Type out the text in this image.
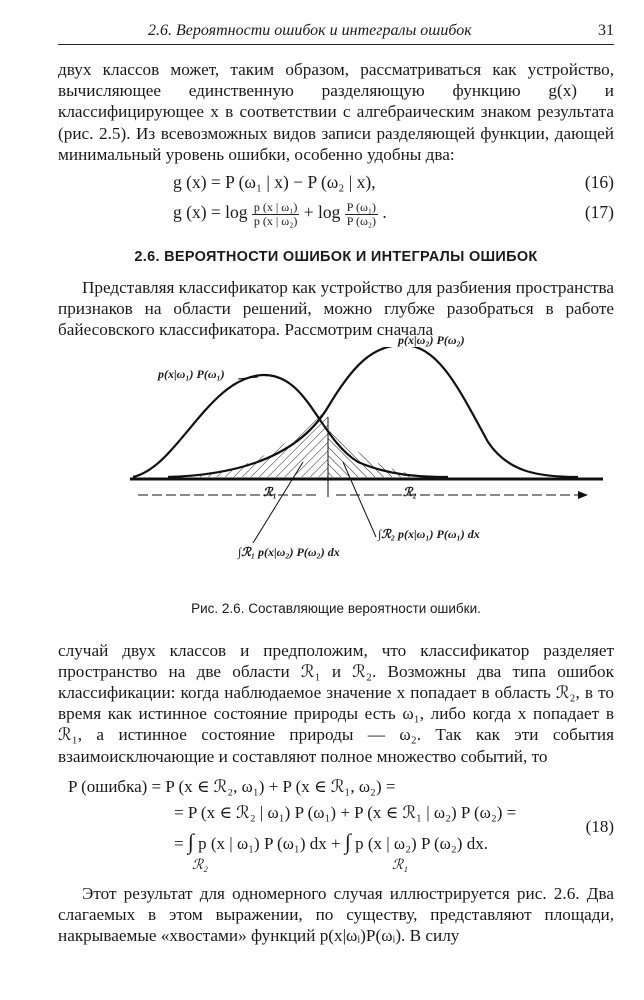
2.6. Вероятности ошибок и интегралы ошибок	31

двух классов может, таким образом, рассматриваться как устройство, вычисляющее единственную разделяющую функцию g(x) и классифицирующее x в соответствии с алгебраическим знаком результата (рис. 2.5). Из всевозможных видов записи разделяющей функции, дающей минимальный уровень ошибки, особенно удобны два:

g (x) = P (ω₁ | x) − P (ω₂ | x),	(16)
g $(x) = \log \frac{\text{p (x | ω₁)}}{\text{p (x | ω₂)}} + \log \frac{\text{P (ω₁)}}{\text{P (ω₂)}}$ .	(17)
2.6. ВЕРОЯТНОСТИ ОШИБОК И ИНТЕГРАЛЫ ОШИБОК

Представляя классификатор как устройство для разбиения пространства признаков на области решений, можно глубже разобраться в работе байесовского классификатора. Рассмотрим сначала

p(x|ω₁) P(ω₁)
p(x|ω₂) P(ω₂)
ℛ₁	ℛ₂
∫ℛ₁ p(x|ω₂) P(ω₂) dx
∫ℛ₂ p(x|ω₁) P(ω₁) dx
Рис. 2.6. Составляющие вероятности ошибки.

случай двух классов и предположим, что классификатор разделяет пространство на две области ℛ₁ и ℛ₂. Возможны два типа ошибок классификации: когда наблюдаемое значение x попадает в область ℛ₂, в то время как истинное состояние природы есть ω₁, либо когда x попадает в ℛ₁, а истинное состояние природы — ω₂. Так как эти события взаимоисключающие и составляют полное множество событий, то

P (ошибка) = P (x ∈ ℛ₂, ω₁) + P (x ∈ ℛ₁, ω₂) =
= P (x ∈ ℛ₂ | ω₁) P (ω₁) + P (x ∈ ℛ₁ | ω₂) P (ω₂) =
= ∫ p (x | ω₁) P (ω₁) dx + ∫ p (x | ω₂) P (ω₂) dx.
ℛ₂	ℛ₁
(18)

Этот результат для одномерного случая иллюстрируется рис. 2.6. Два слагаемых в этом выражении, по существу, представляют площади, накрываемые «хвостами» функций p(x|ωᵢ)P(ωᵢ). В силу
